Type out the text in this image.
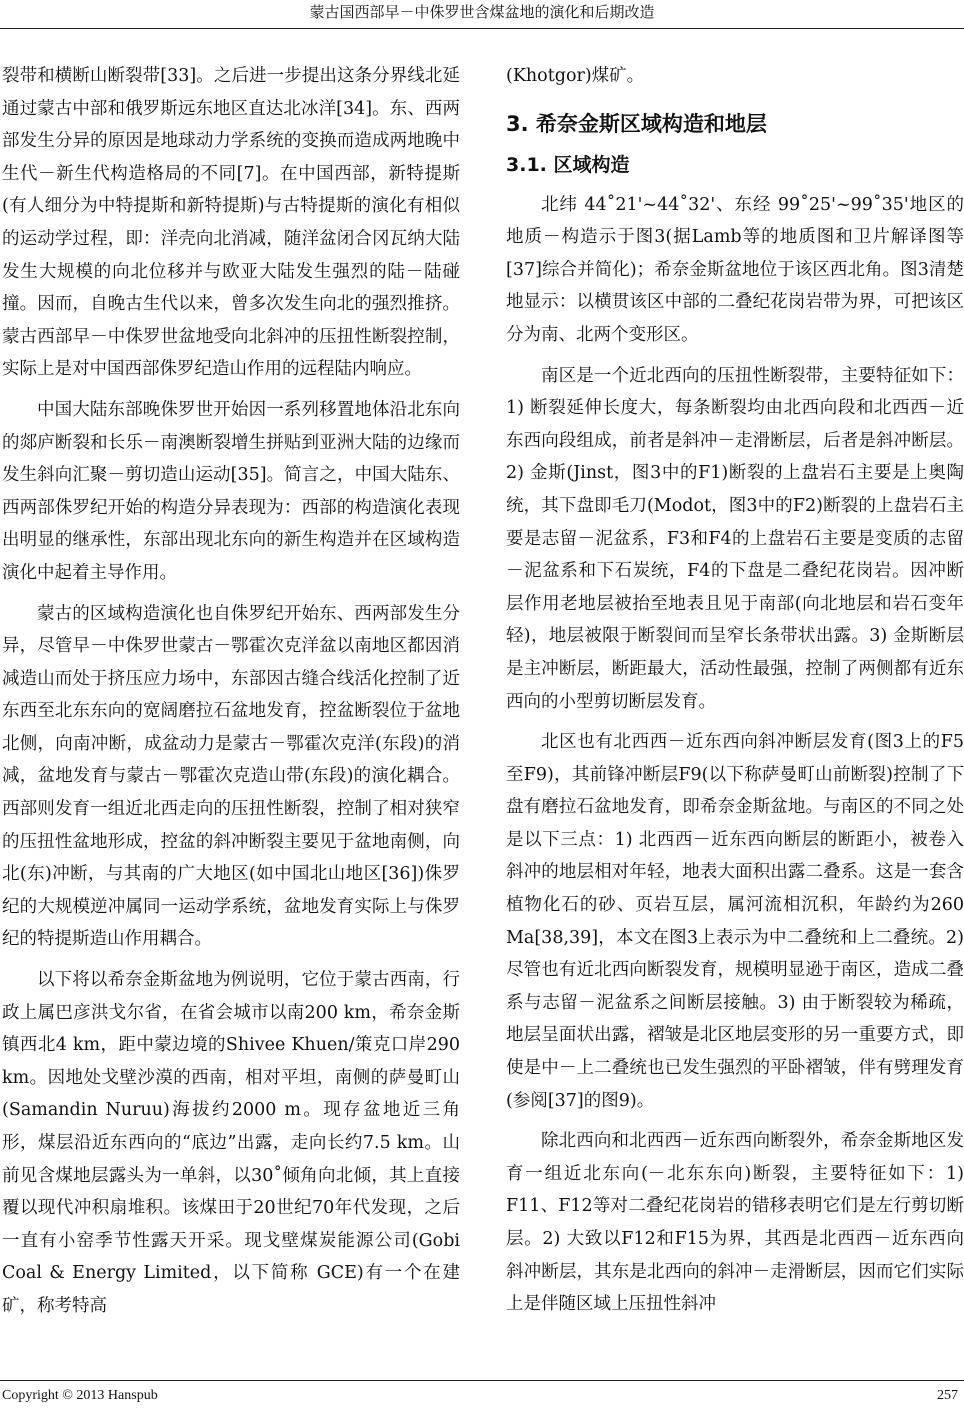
蒙古国西部早－中侏罗世含煤盆地的演化和后期改造

裂带和横断山断裂带[33]。之后进一步提出这条分界线北延通过蒙古中部和俄罗斯远东地区直达北冰洋[34]。东、西两部发生分异的原因是地球动力学系统的变换而造成两地晚中生代－新生代构造格局的不同[7]。在中国西部，新特提斯(有人细分为中特提斯和新特提斯)与古特提斯的演化有相似的运动学过程，即：洋壳向北消减，随洋盆闭合冈瓦纳大陆发生大规模的向北位移并与欧亚大陆发生强烈的陆－陆碰撞。因而，自晚古生代以来，曾多次发生向北的强烈推挤。蒙古西部早－中侏罗世盆地受向北斜冲的压扭性断裂控制，实际上是对中国西部侏罗纪造山作用的远程陆内响应。

中国大陆东部晚侏罗世开始因一系列移置地体沿北东向的郯庐断裂和长乐－南澳断裂增生拼贴到亚洲大陆的边缘而发生斜向汇聚－剪切造山运动[35]。简言之，中国大陆东、西两部侏罗纪开始的构造分异表现为：西部的构造演化表现出明显的继承性，东部出现北东向的新生构造并在区域构造演化中起着主导作用。

蒙古的区域构造演化也自侏罗纪开始东、西两部发生分异，尽管早－中侏罗世蒙古－鄂霍次克洋盆以南地区都因消减造山而处于挤压应力场中，东部因古缝合线活化控制了近东西至北东东向的宽阔磨拉石盆地发育，控盆断裂位于盆地北侧，向南冲断，成盆动力是蒙古－鄂霍次克洋(东段)的消减，盆地发育与蒙古－鄂霍次克造山带(东段)的演化耦合。西部则发育一组近北西走向的压扭性断裂，控制了相对狭窄的压扭性盆地形成，控盆的斜冲断裂主要见于盆地南侧，向北(东)冲断，与其南的广大地区(如中国北山地区[36])侏罗纪的大规模逆冲属同一运动学系统，盆地发育实际上与侏罗纪的特提斯造山作用耦合。

以下将以希奈金斯盆地为例说明，它位于蒙古西南，行政上属巴彦洪戈尔省，在省会城市以南200 km，希奈金斯镇西北4 km，距中蒙边境的Shivee Khuen/策克口岸290 km。因地处戈壁沙漠的西南，相对平坦，南侧的萨曼町山(Samandin Nuruu)海拔约2000 m。现存盆地近三角形，煤层沿近东西向的“底边”出露，走向长约7.5 km。山前见含煤地层露头为一单斜，以30˚倾角向北倾，其上直接覆以现代冲积扇堆积。该煤田于20世纪70年代发现，之后一直有小窑季节性露天开采。现戈壁煤炭能源公司(Gobi Coal & Energy Limited，以下简称 GCE)有一个在建矿，称考特高

(Khotgor)煤矿。

3. 希奈金斯区域构造和地层
3.1. 区域构造

北纬 44˚21'~44˚32'、东经 99˚25'~99˚35'地区的地质－构造示于图3(据Lamb等的地质图和卫片解译图等[37]综合并简化)；希奈金斯盆地位于该区西北角。图3清楚地显示：以横贯该区中部的二叠纪花岗岩带为界，可把该区分为南、北两个变形区。

南区是一个近北西向的压扭性断裂带，主要特征如下：1) 断裂延伸长度大，每条断裂均由北西向段和北西西－近东西向段组成，前者是斜冲－走滑断层，后者是斜冲断层。2) 金斯(Jinst，图3中的F1)断裂的上盘岩石主要是上奥陶统，其下盘即毛刀(Modot，图3中的F2)断裂的上盘岩石主要是志留－泥盆系，F3和F4的上盘岩石主要是变质的志留－泥盆系和下石炭统，F4的下盘是二叠纪花岗岩。因冲断层作用老地层被抬至地表且见于南部(向北地层和岩石变年轻)，地层被限于断裂间而呈窄长条带状出露。3) 金斯断层是主冲断层，断距最大，活动性最强，控制了两侧都有近东西向的小型剪切断层发育。

北区也有北西西－近东西向斜冲断层发育(图3上的F5至F9)，其前锋冲断层F9(以下称萨曼町山前断裂)控制了下盘有磨拉石盆地发育，即希奈金斯盆地。与南区的不同之处是以下三点：1) 北西西－近东西向断层的断距小，被卷入斜冲的地层相对年轻，地表大面积出露二叠系。这是一套含植物化石的砂、页岩互层，属河流相沉积，年龄约为260 Ma[38,39]，本文在图3上表示为中二叠统和上二叠统。2) 尽管也有近北西向断裂发育，规模明显逊于南区，造成二叠系与志留－泥盆系之间断层接触。3) 由于断裂较为稀疏，地层呈面状出露，褶皱是北区地层变形的另一重要方式，即使是中－上二叠统也已发生强烈的平卧褶皱，伴有劈理发育(参阅[37]的图9)。

除北西向和北西西－近东西向断裂外，希奈金斯地区发育一组近北东向(－北东东向)断裂，主要特征如下：1) F11、F12等对二叠纪花岗岩的错移表明它们是左行剪切断层。2) 大致以F12和F15为界，其西是北西西－近东西向斜冲断层，其东是北西向的斜冲－走滑断层，因而它们实际上是伴随区域上压扭性斜冲

Copyright © 2013 Hanspub	257
